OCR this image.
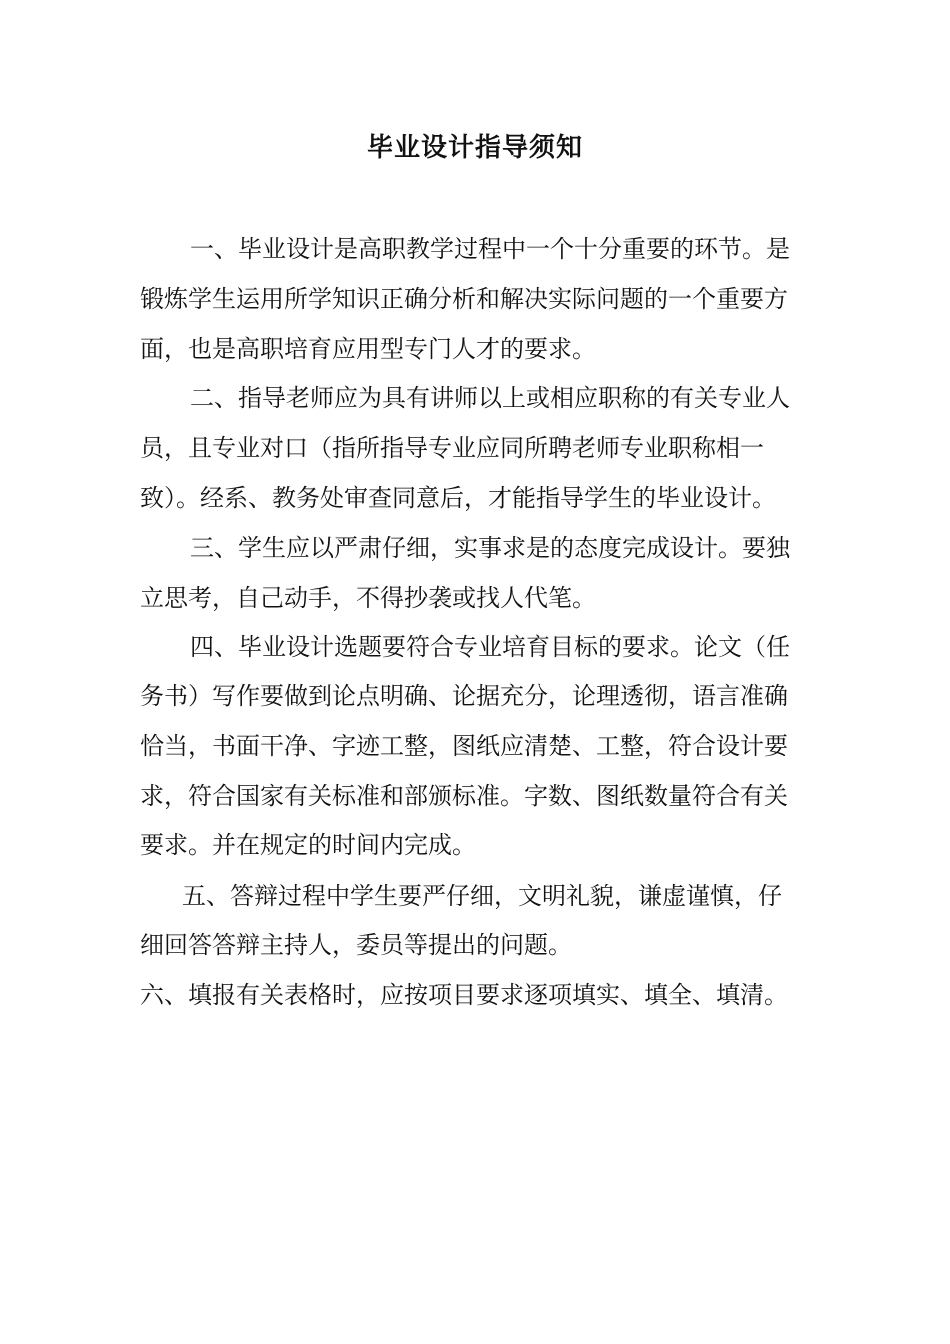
毕业设计指导须知
一、毕业设计是高职教学过程中一个十分重要的环节。是
锻炼学生运用所学知识正确分析和解决实际问题的一个重要方
面，也是高职培育应用型专门人才的要求。
二、指导老师应为具有讲师以上或相应职称的有关专业人
员，且专业对口（指所指导专业应同所聘老师专业职称相一
致）。经系、教务处审查同意后，才能指导学生的毕业设计。
三、学生应以严肃仔细，实事求是的态度完成设计。要独
立思考，自己动手，不得抄袭或找人代笔。
四、毕业设计选题要符合专业培育目标的要求。论文（任
务书）写作要做到论点明确、论据充分，论理透彻，语言准确
恰当，书面干净、字迹工整，图纸应清楚、工整，符合设计要
求，符合国家有关标准和部颁标准。字数、图纸数量符合有关
要求。并在规定的时间内完成。
五、答辩过程中学生要严仔细，文明礼貌，谦虚谨慎，仔
细回答答辩主持人，委员等提出的问题。
六、填报有关表格时，应按项目要求逐项填实、填全、填清。
